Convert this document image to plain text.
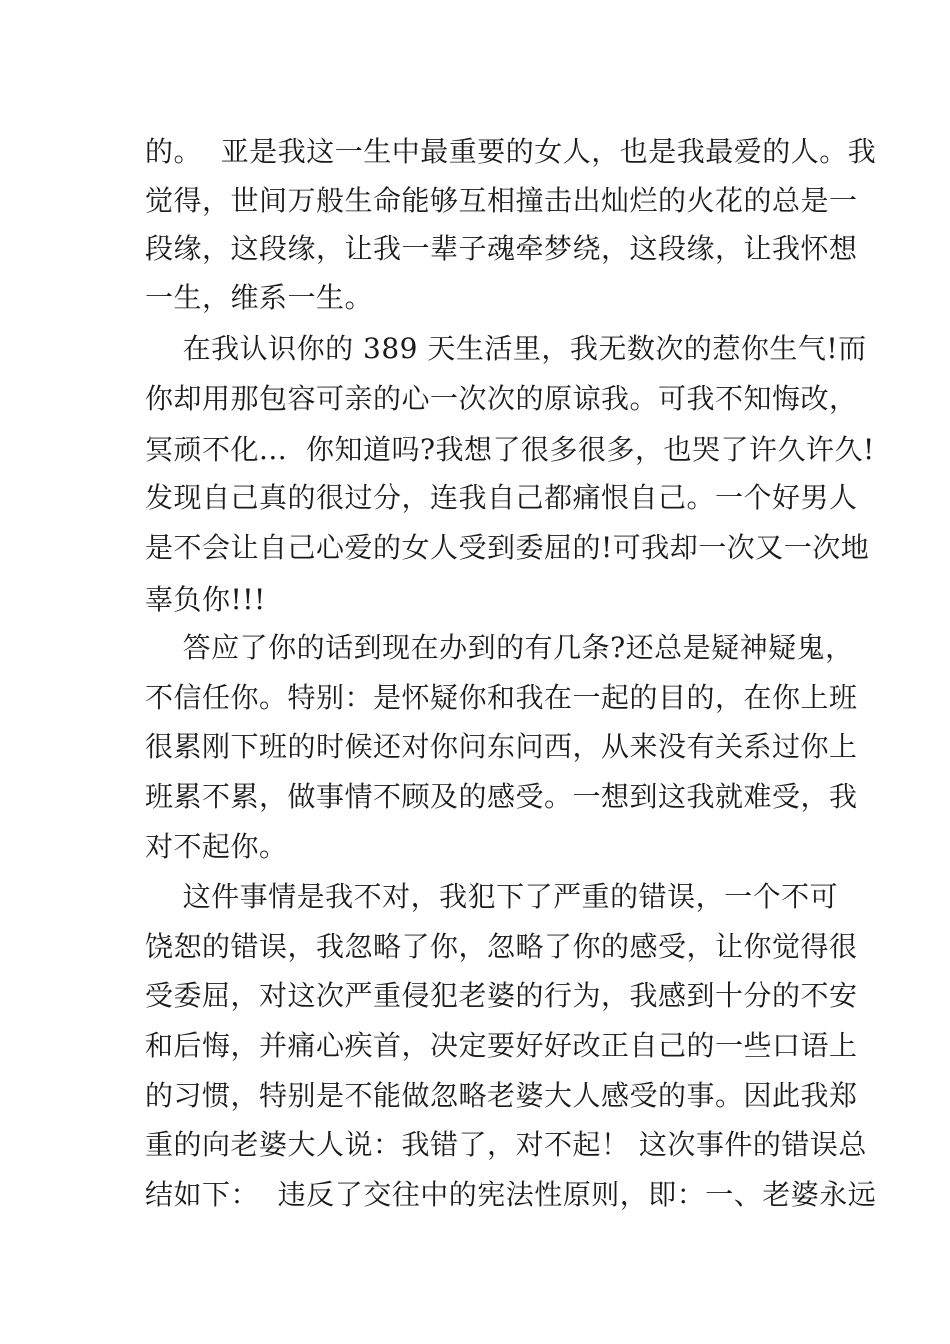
的。  亚是我这一生中最重要的女人，也是我最爱的人。我
觉得，世间万般生命能够互相撞击出灿烂的火花的总是一
段缘，这段缘，让我一辈子魂牵梦绕，这段缘，让我怀想
一生，维系一生。
在我认识你的 389 天生活里，我无数次的惹你生气!而
你却用那包容可亲的心一次次的原谅我。可我不知悔改，
冥顽不化...  你知道吗?我想了很多很多，也哭了许久许久!
发现自己真的很过分，连我自己都痛恨自己。一个好男人
是不会让自己心爱的女人受到委屈的!可我却一次又一次地
辜负你!!!
答应了你的话到现在办到的有几条?还总是疑神疑鬼，
不信任你。特别：是怀疑你和我在一起的目的，在你上班
很累刚下班的时候还对你问东问西，从来没有关系过你上
班累不累，做事情不顾及的感受。一想到这我就难受，我
对不起你。
这件事情是我不对，我犯下了严重的错误，一个不可
饶恕的错误，我忽略了你，忽略了你的感受，让你觉得很
受委屈，对这次严重侵犯老婆的行为，我感到十分的不安
和后悔，并痛心疾首，决定要好好改正自己的一些口语上
的习惯，特别是不能做忽略老婆大人感受的事。因此我郑
重的向老婆大人说：我错了，对不起！ 这次事件的错误总
结如下：  违反了交往中的宪法性原则，即：一、老婆永远
